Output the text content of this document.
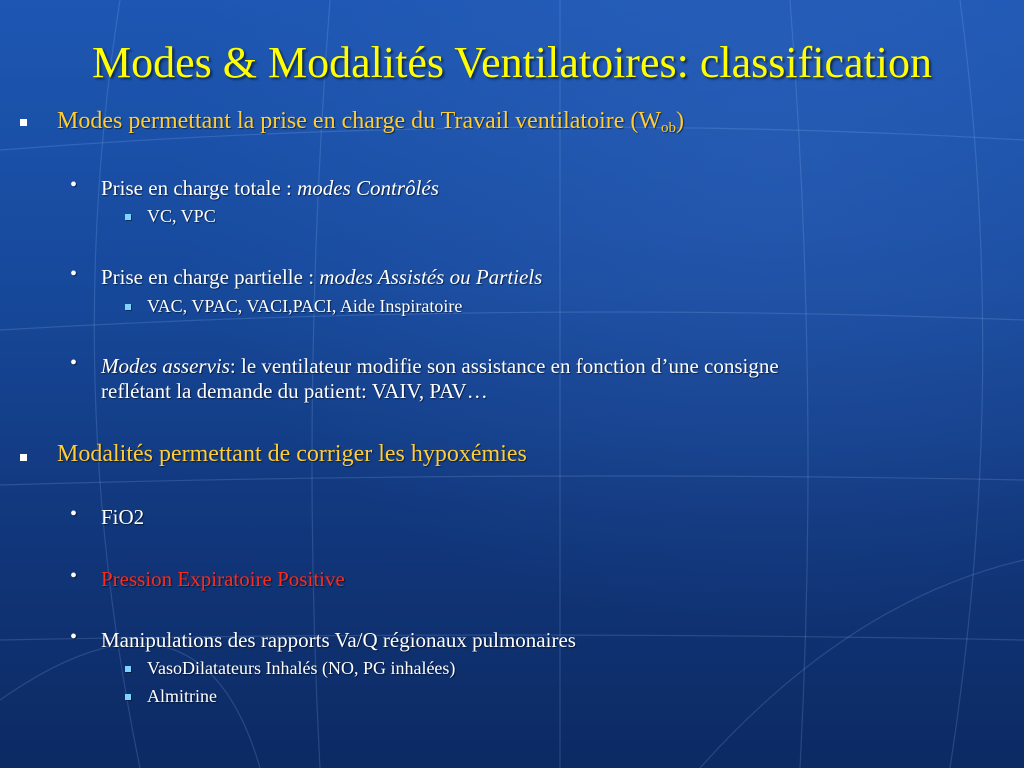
Modes & Modalités Ventilatoires: classification
Modes permettant la prise en charge du Travail ventilatoire $(W_{ob})$
• Prise en charge totale : modes Contrôlés
VC, VPC
• Prise en charge partielle : modes Assistés ou Partiels
VAC, VPAC, VACI,PACI, Aide Inspiratoire
• Modes asservis: le ventilateur modifie son assistance en fonction d’une consigne
reflétant la demande du patient: VAIV, PAV…
Modalités permettant de corriger les hypoxémies
• FiO2
• Pression Expiratoire Positive
• Manipulations des rapports Va/Q régionaux pulmonaires
VasoDilatateurs Inhalés (NO, PG inhalées)
Almitrine
